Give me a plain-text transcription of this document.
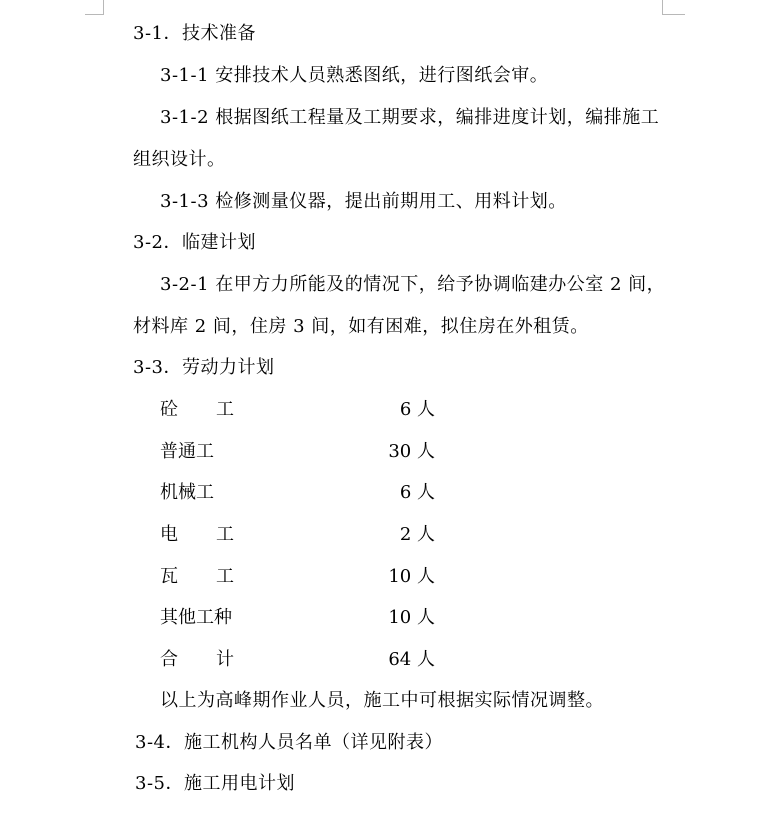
3-1．技术准备
3-1-1 安排技术人员熟悉图纸，进行图纸会审。
3-1-2 根据图纸工程量及工期要求，编排进度计划，编排施工
组织设计。
3-1-3 检修测量仪器，提出前期用工、用料计划。
3-2．临建计划
3-2-1 在甲方力所能及的情况下，给予协调临建办公室 2 间，
材料库 2 间，住房 3 间，如有困难，拟住房在外租赁。
3-3．劳动力计划
砼工	6 人
普通工	30 人
机械工	6 人
电工	2 人
瓦工	10 人
其他工种	10 人
合计	64 人
以上为高峰期作业人员，施工中可根据实际情况调整。
3-4．施工机构人员名单（详见附表）
3-5．施工用电计划
